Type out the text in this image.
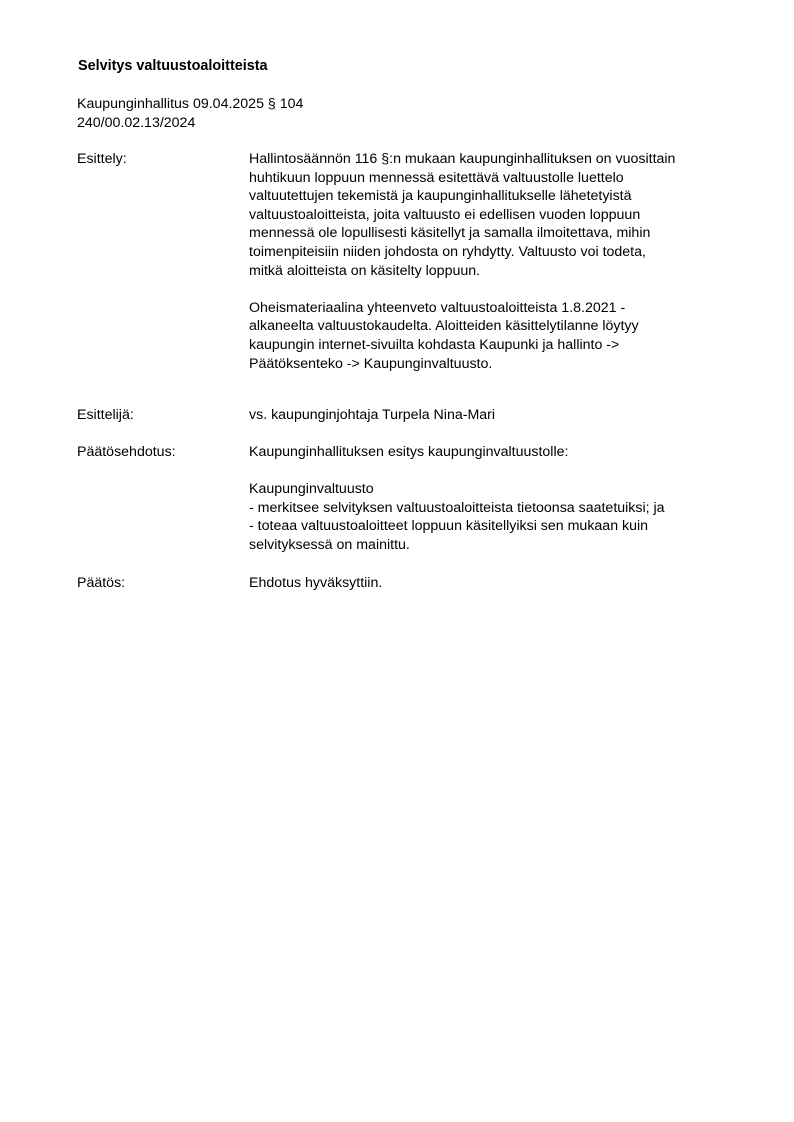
Selvitys valtuustoaloitteista
Kaupunginhallitus 09.04.2025 § 104
240/00.02.13/2024
Esittely:	Hallintosäännön 116 §:n mukaan kaupunginhallituksen on vuosittain
huhtikuun loppuun mennessä esitettävä valtuustolle luettelo
valtuutettujen tekemistä ja kaupunginhallitukselle lähetetyistä
valtuustoaloitteista, joita valtuusto ei edellisen vuoden loppuun
mennessä ole lopullisesti käsitellyt ja samalla ilmoitettava, mihin
toimenpiteisiin niiden johdosta on ryhdytty. Valtuusto voi todeta,
mitkä aloitteista on käsitelty loppuun.
Oheismateriaalina yhteenveto valtuustoaloitteista 1.8.2021 -
alkaneelta valtuustokaudelta. Aloitteiden käsittelytilanne löytyy
kaupungin internet-sivuilta kohdasta Kaupunki ja hallinto ->
Päätöksenteko -> Kaupunginvaltuusto.
Esittelijä:	vs. kaupunginjohtaja Turpela Nina-Mari
Päätösehdotus:	Kaupunginhallituksen esitys kaupunginvaltuustolle:
Kaupunginvaltuusto
- merkitsee selvityksen valtuustoaloitteista tietoonsa saatetuiksi; ja
- toteaa valtuustoaloitteet loppuun käsitellyiksi sen mukaan kuin
selvityksessä on mainittu.
Päätös:	Ehdotus hyväksyttiin.
